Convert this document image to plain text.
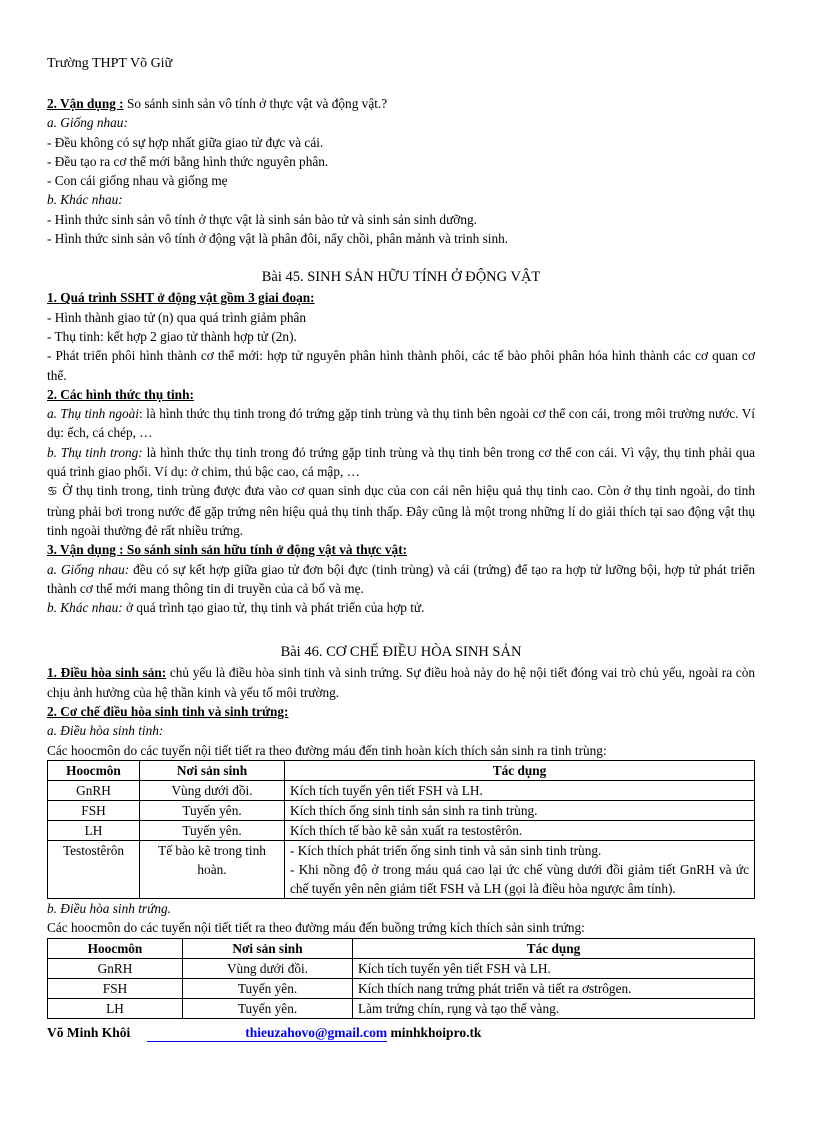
Trường THPT Võ Giữ

2. Vận dụng : So sánh sinh sản vô tính ở thực vật và động vật.?

a. Giống nhau:

- Đều không có sự hợp nhất giữa giao tử đực và cái.

- Đều tạo ra cơ thể mới bằng hình thức nguyên phân.

- Con cái giống nhau và giống mẹ

b. Khác nhau:

- Hình thức sinh sản vô tính ở thực vật là sinh sản bào tử và sinh sản sinh dưỡng.

- Hình thức sinh sản vô tính ở động vật là phân đôi, nẩy chồi, phân mảnh và trinh sinh.

Bài 45. SINH SẢN HỮU TÍNH Ở ĐỘNG VẬT

1. Quá trình SSHT ở động vật gồm 3 giai đoạn:

- Hình thành giao tử (n) qua quá trình giảm phân

- Thụ tinh: kết hợp 2 giao tử thành hợp tử (2n).

- Phát triển phôi hình thành cơ thể mới: hợp tử nguyên phân hình thành phôi, các tế bào phôi phân hóa hình thành các cơ quan cơ thể.

2. Các hình thức thụ tinh:

a. Thụ tinh ngoài: là hình thức thụ tinh trong đó trứng gặp tinh trùng và thụ tinh bên ngoài cơ thể con cái, trong môi trường nước. Ví dụ: ếch, cá chép, …

b. Thụ tinh trong: là hình thức thụ tinh trong đó trứng gặp tinh trùng và thụ tinh bên trong cơ thể con cái. Vì vậy, thụ tinh phải qua quá trình giao phối. Ví dụ: ở chim, thú bậc cao, cá mập, …

♋ Ở thụ tinh trong, tinh trùng được đưa vào cơ quan sinh dục của con cái nên hiệu quả thụ tinh cao. Còn ở thụ tinh ngoài, do tinh trùng phải bơi trong nước để gặp trứng nên hiệu quả thụ tinh thấp. Đây cũng là một trong những lí do giải thích tại sao động vật thụ tinh ngoài thường đẻ rất nhiều trứng.

3. Vận dụng : So sánh sinh sản hữu tính ở động vật và thực vật:

a. Giống nhau: đều có sự kết hợp giữa giao tử đơn bội đực (tinh trùng) và cái (trứng) để tạo ra hợp tử lưỡng bội, hợp tử phát triển thành cơ thể mới mang thông tin di truyền của cả bố và mẹ.

b. Khác nhau: ở quá trình tạo giao tử, thụ tinh và phát triển của hợp tử.

Bài 46. CƠ CHẾ ĐIỀU HÒA SINH SẢN

1. Điều hòa sinh sản: chủ yếu là điều hòa sinh tinh và sinh trứng. Sự điều hoà này do hệ nội tiết đóng vai trò chủ yếu, ngoài ra còn chịu ảnh hưởng của hệ thần kinh và yếu tố môi trường.

2. Cơ chế điều hòa sinh tinh và sinh trứng:

a. Điều hòa sinh tinh:

Các hoocmôn do các tuyến nội tiết tiết ra theo đường máu đến tinh hoàn kích thích sản sinh ra tinh trùng:

Hoocmôn	Nơi sản sinh	Tác dụng
GnRH	Vùng dưới đồi.	Kích tích tuyến yên tiết FSH và LH.
FSH	Tuyến yên.	Kích thích ống sinh tinh sản sinh ra tinh trùng.
LH	Tuyến yên.	Kích thích tế bào kẽ sản xuất ra testostêrôn.
Testostêrôn	Tế bào kẽ trong tinh hoàn.	- Kích thích phát triển ống sinh tinh và sản sinh tinh trùng.
- Khi nồng độ ở trong máu quá cao lại ức chế vùng dưới đồi giảm tiết GnRH và ức chế tuyến yên nên giảm tiết FSH và LH (gọi là điều hòa ngược âm tính).

b. Điều hòa sinh trứng.

Các hoocmôn do các tuyến nội tiết tiết ra theo đường máu đến buồng trứng kích thích sản sinh trứng:

Hoocmôn	Nơi sản sinh	Tác dụng
GnRH	Vùng dưới đồi.	Kích tích tuyến yên tiết FSH và LH.
FSH	Tuyến yên.	Kích thích nang trứng phát triển và tiết ra ơstrôgen.
LH	Tuyến yên.	Làm trứng chín, rụng và tạo thể vàng.
Võ Minh Khôi	thieuzahovo@gmail.com minhkhoipro.tk
